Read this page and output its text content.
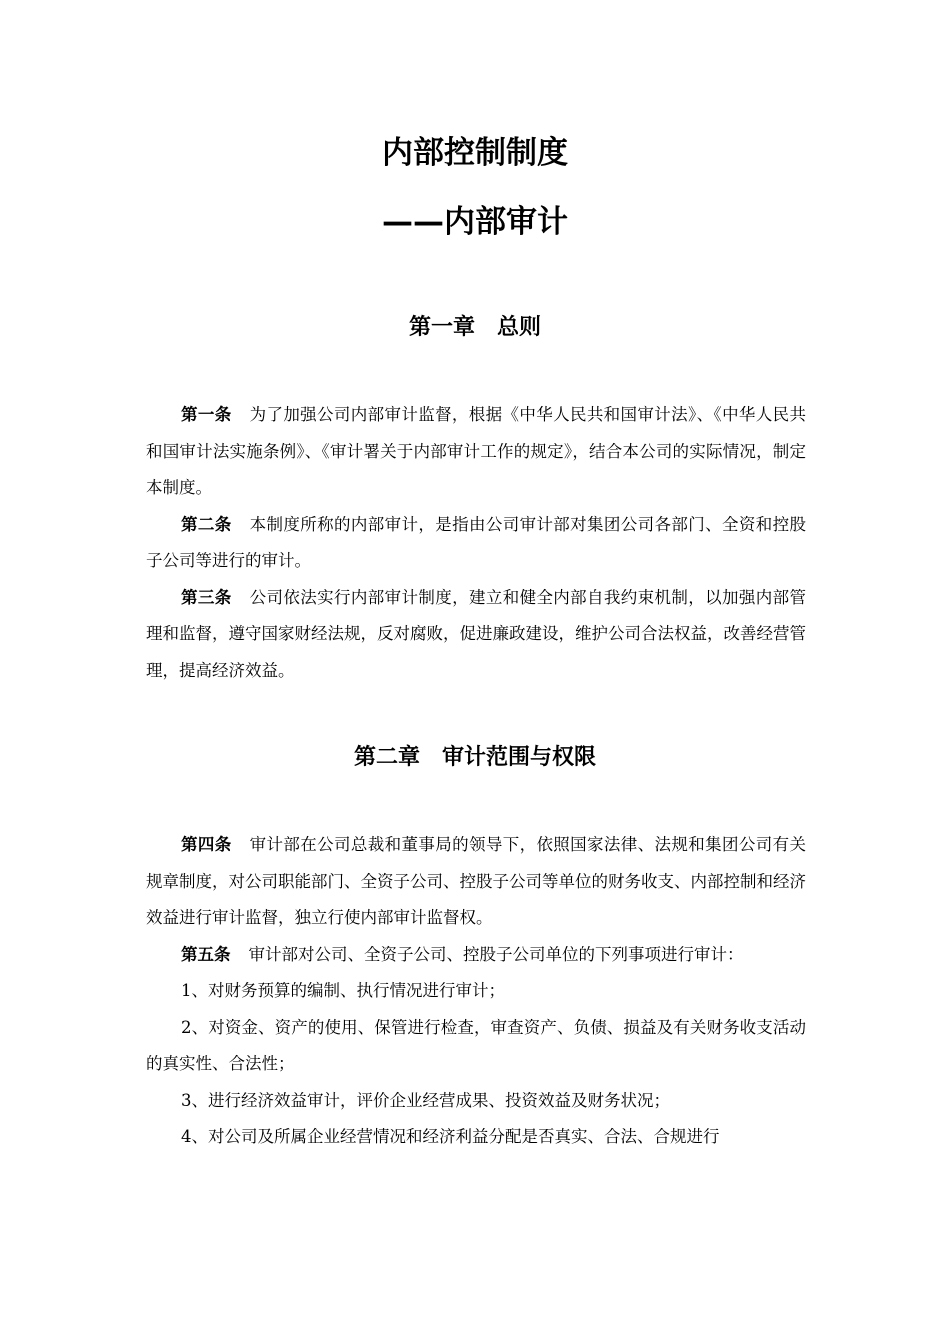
内部控制制度
——内部审计
第一章　总则

第一条 为了加强公司内部审计监督，根据《中华人民共和国审计法》、《中华人民共和国审计法实施条例》、《审计署关于内部审计工作的规定》，结合本公司的实际情况，制定本制度。

第二条 本制度所称的内部审计，是指由公司审计部对集团公司各部门、全资和控股子公司等进行的审计。

第三条 公司依法实行内部审计制度，建立和健全内部自我约束机制，以加强内部管理和监督，遵守国家财经法规，反对腐败，促进廉政建设，维护公司合法权益，改善经营管理，提高经济效益。

第二章　审计范围与权限

第四条 审计部在公司总裁和董事局的领导下，依照国家法律、法规和集团公司有关规章制度，对公司职能部门、全资子公司、控股子公司等单位的财务收支、内部控制和经济效益进行审计监督，独立行使内部审计监督权。

第五条 审计部对公司、全资子公司、控股子公司单位的下列事项进行审计：

1、对财务预算的编制、执行情况进行审计；

2、对资金、资产的使用、保管进行检查，审查资产、负债、损益及有关财务收支活动的真实性、合法性；

3、进行经济效益审计，评价企业经营成果、投资效益及财务状况；

4、对公司及所属企业经营情况和经济利益分配是否真实、合法、合规进行
